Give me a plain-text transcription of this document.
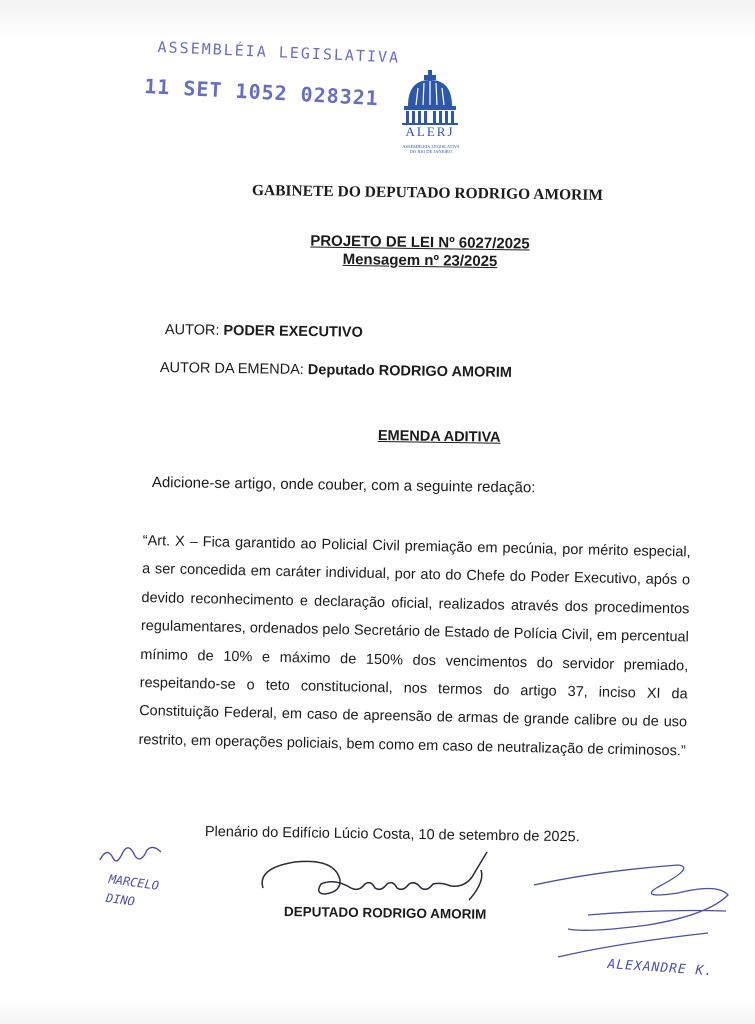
ASSEMBLÉIA LEGISLATIVA
11 SET 1052 028321
ALERJ
ASSEMBLEIA LEGISLATIVA DO RIO DE JANEIRO
GABINETE DO DEPUTADO RODRIGO AMORIM
PROJETO DE LEI Nº 6027/2025
Mensagem nº 23/2025
AUTOR: PODER EXECUTIVO
AUTOR DA EMENDA: Deputado RODRIGO AMORIM
EMENDA ADITIVA
Adicione-se artigo, onde couber, com a seguinte redação:
“Art. X – Fica garantido ao Policial Civil premiação em pecúnia, por mérito especial, a ser concedida em caráter individual, por ato do Chefe do Poder Executivo, após o devido reconhecimento e declaração oficial, realizados através dos procedimentos regulamentares, ordenados pelo Secretário de Estado de Polícia Civil, em percentual mínimo de 10% e máximo de 150% dos vencimentos do servidor premiado, respeitando-se o teto constitucional, nos termos do artigo 37, inciso XI da Constituição Federal, em caso de apreensão de armas de grande calibre ou de uso restrito, em operações policiais, bem como em caso de neutralização de criminosos.”
Plenário do Edifício Lúcio Costa, 10 de setembro de 2025.
MARCELO
DINO
DEPUTADO RODRIGO AMORIM
ALEXANDRE K.
